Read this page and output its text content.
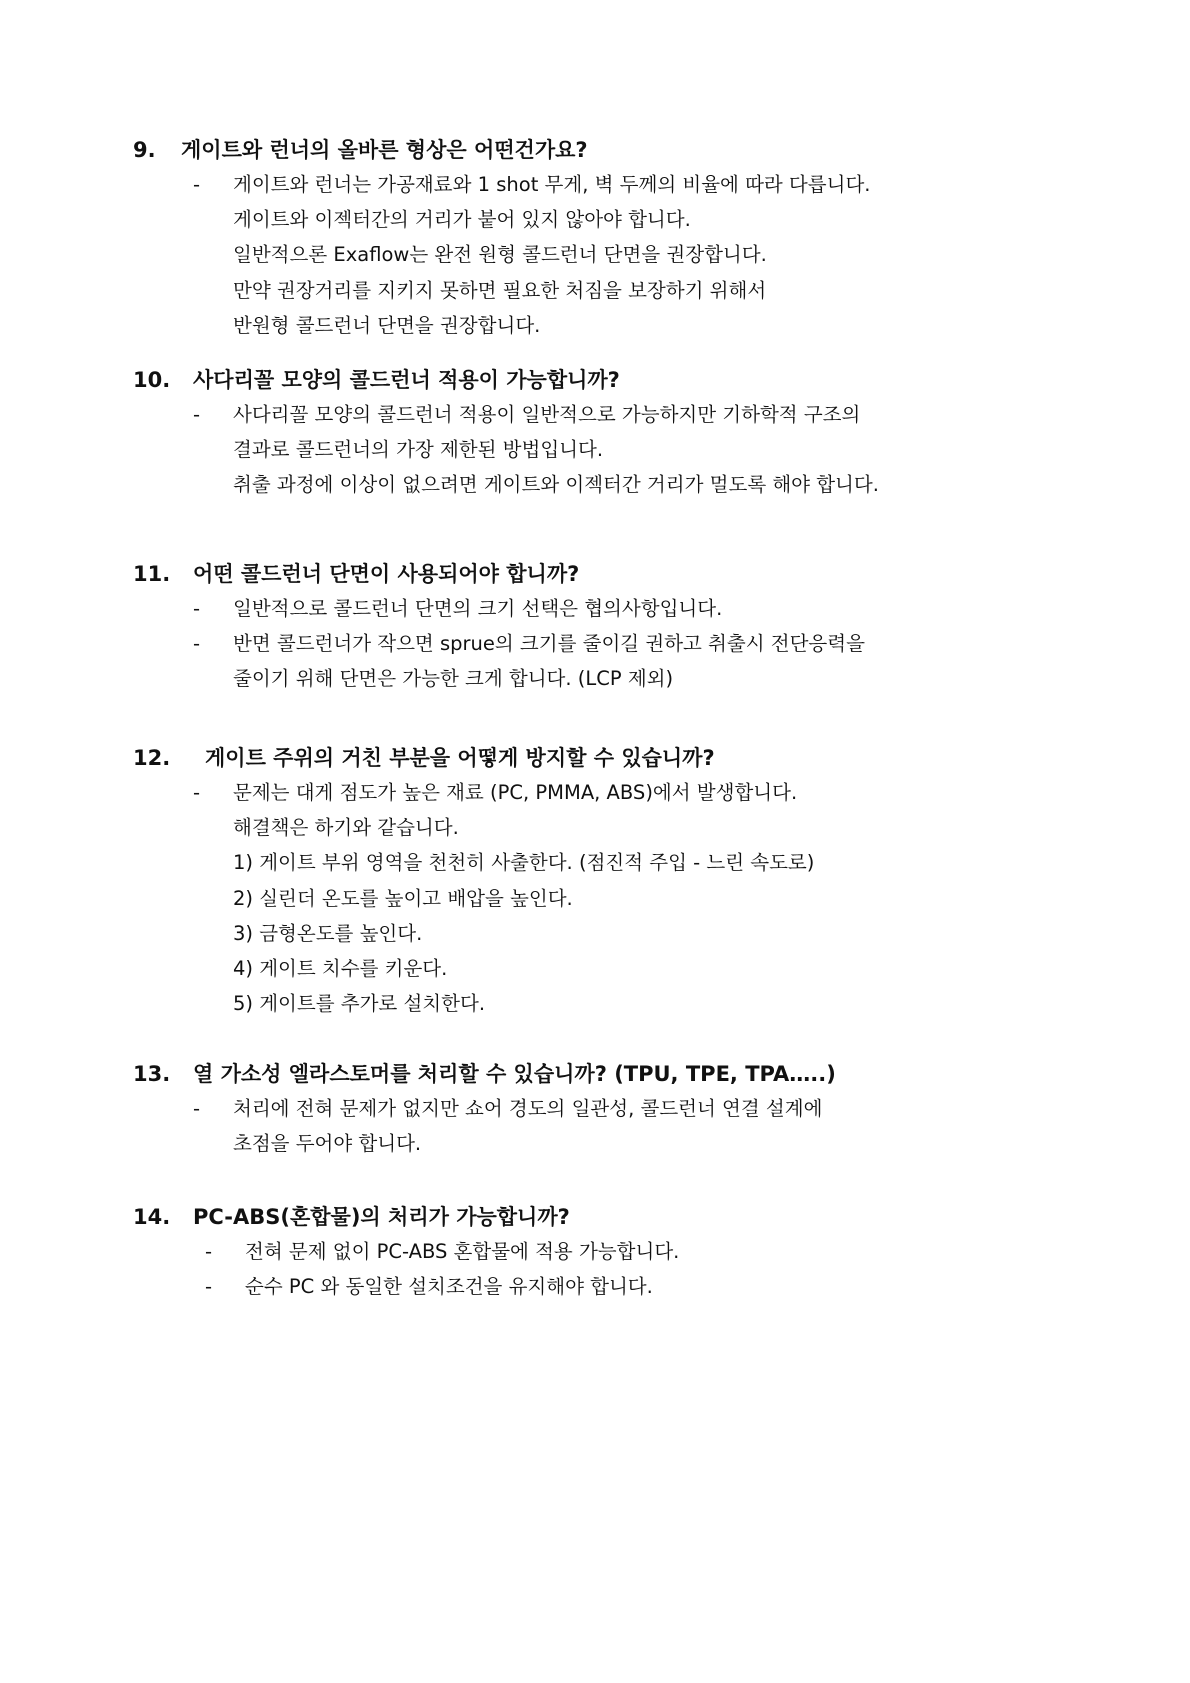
9.	게이트와 런너의 올바른 형상은 어떤건가요?
- 게이트와 런너는 가공재료와 1 shot 무게, 벽 두께의 비율에 따라 다릅니다.
게이트와 이젝터간의 거리가 붙어 있지 않아야 합니다.
일반적으론 Exaflow는 완전 원형 콜드런너 단면을 권장합니다.
만약 권장거리를 지키지 못하면 필요한 처짐을 보장하기 위해서
반원형 콜드런너 단면을 권장합니다.
10.	사다리꼴 모양의 콜드런너 적용이 가능합니까?
- 사다리꼴 모양의 콜드런너 적용이 일반적으로 가능하지만 기하학적 구조의
결과로 콜드런너의 가장 제한된 방법입니다.
취출 과정에 이상이 없으려면 게이트와 이젝터간 거리가 멀도록 해야 합니다.
11.	어떤 콜드런너 단면이 사용되어야 합니까?
- 일반적으로 콜드런너 단면의 크기 선택은 협의사항입니다.
- 반면 콜드런너가 작으면 sprue의 크기를 줄이길 권하고 취출시 전단응력을
줄이기 위해 단면은 가능한 크게 합니다. (LCP 제외)
12.	게이트 주위의 거친 부분을 어떻게 방지할 수 있습니까?
- 문제는 대게 점도가 높은 재료 (PC, PMMA, ABS)에서 발생합니다.
해결책은 하기와 같습니다.
1) 게이트 부위 영역을 천천히 사출한다. (점진적 주입 - 느린 속도로)
2) 실린더 온도를 높이고 배압을 높인다.
3) 금형온도를 높인다.
4) 게이트 치수를 키운다.
5) 게이트를 추가로 설치한다.
13.	열 가소성 엘라스토머를 처리할 수 있습니까? (TPU, TPE, TPA…..)
- 처리에 전혀 문제가 없지만 쇼어 경도의 일관성, 콜드런너 연결 설계에
초점을 두어야 합니다.
14.	PC-ABS(혼합물)의 처리가 가능합니까?
- 전혀 문제 없이 PC-ABS 혼합물에 적용 가능합니다.
- 순수 PC 와 동일한 설치조건을 유지해야 합니다.
